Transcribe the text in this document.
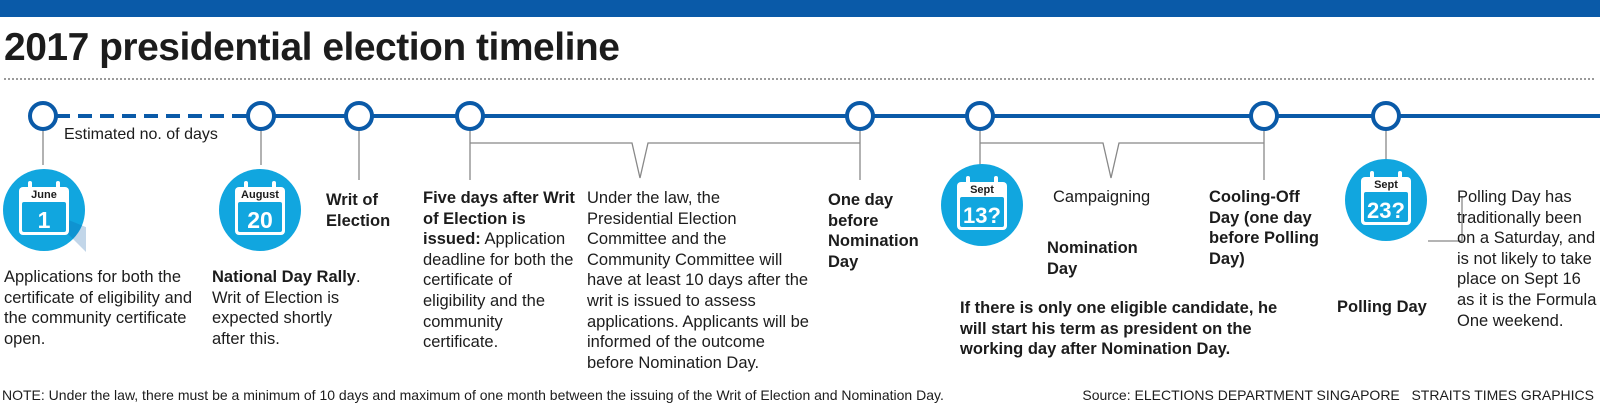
2017 presidential election timeline
Estimated no. of days
June
1
August
20
Sept
13?
Sept
23?
Applications for both the certificate of eligibility and the community certificate open.
National Day Rally. Writ of Election is expected shortly after this.
Writ of Election
Five days after Writ of Election is issued: Application deadline for both the certificate of eligibility and the community certificate.
Under the law, the Presidential Election Committee and the Community Committee will have at least 10 days after the writ is issued to assess applications. Applicants will be informed of the outcome before Nomination Day.
One day before Nomination Day
Campaigning
Nomination Day
If there is only one eligible candidate, he will start his term as president on the working day after Nomination Day.
Cooling-Off Day (one day before Polling Day)
Polling Day
Polling Day has traditionally been on a Saturday, and is not likely to take place on Sept 16 as it is the Formula One weekend.
NOTE: Under the law, there must be a minimum of 10 days and maximum of one month between the issuing of the Writ of Election and Nomination Day.	Source: ELECTIONS DEPARTMENT SINGAPORE   STRAITS TIMES GRAPHICS
